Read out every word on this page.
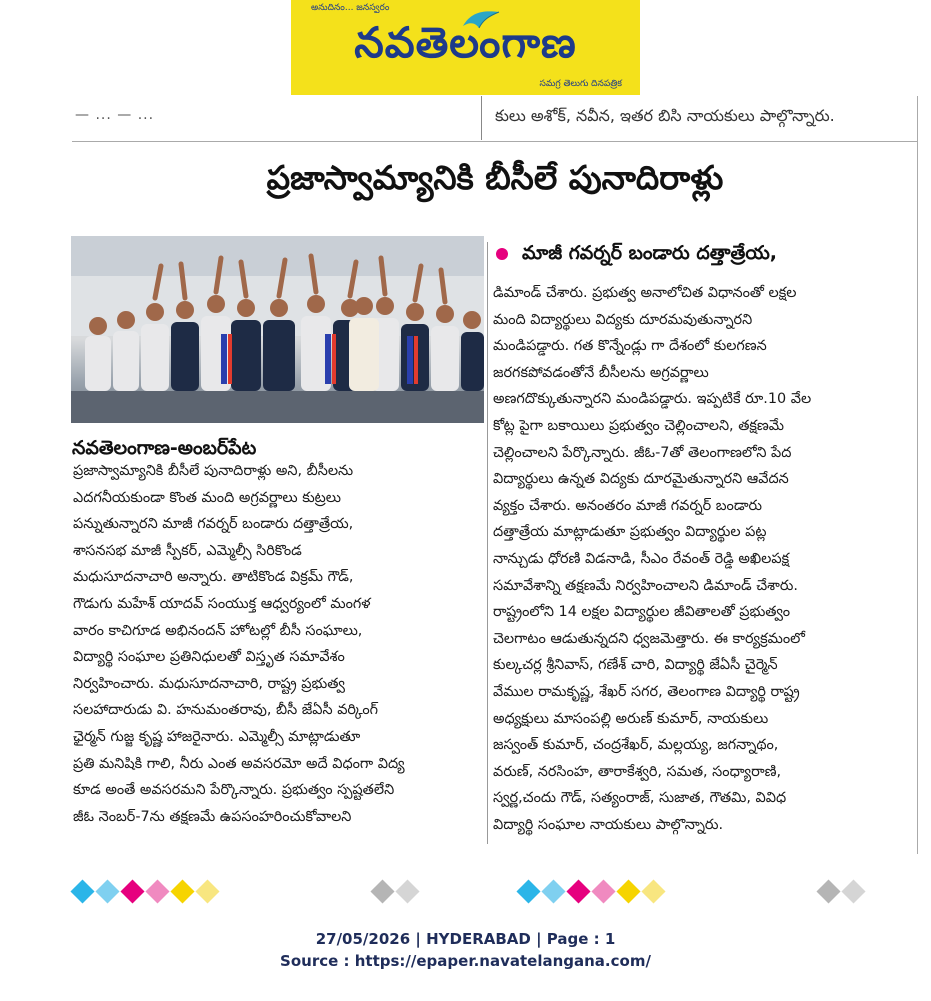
అనుదినం... జనస్వరం
నవతెలంగాణ
సమగ్ర తెలుగు దినపత్రిక
— ... — ...	కులు అశోక్, నవీన, ఇతర బిసి నాయకులు పాల్గొన్నారు.
ప్రజాస్వామ్యానికి బీసీలే పునాదిరాళ్లు
మాజీ గవర్నర్ బండారు దత్తాత్రేయ,
నవతెలంగాణ-అంబర్‌పేట
ప్రజాస్వామ్యానికి బీసీలే పునాదిరాళ్లు అని, బీసీలను
ఎదగనీయకుండా కొంత మంది అగ్రవర్ణాలు కుట్రలు
పన్నుతున్నారని మాజీ గవర్నర్ బండారు దత్తాత్రేయ,
శాసనసభ మాజీ స్పీకర్, ఎమ్మెల్సీ సిరికొండ
మధుసూదనాచారి అన్నారు. తాటికొండ విక్రమ్ గౌడ్,
గౌడుగు మహేశ్ యాదవ్ సంయుక్త ఆధ్వర్యంలో మంగళ
వారం కాచిగూడ అభినందన్ హోటల్లో బీసీ సంఘాలు,
విద్యార్థి సంఘాల ప్రతినిధులతో విస్తృత సమావేశం
నిర్వహించారు. మధుసూదనాచారి, రాష్ట్ర ప్రభుత్వ
సలహాదారుడు వి. హనుమంతరావు, బీసీ జేఏసీ వర్కింగ్
ఛైర్మన్ గుజ్జ కృష్ణ హాజరైనారు. ఎమ్మెల్సీ మాట్లాడుతూ
ప్రతి మనిషికి గాలి, నీరు ఎంత అవసరమో అదే విధంగా విద్య
కూడ అంతే అవసరమని పేర్కొన్నారు. ప్రభుత్వం స్పష్టతలేని
జీఓ నెంబర్-7ను తక్షణమే ఉపసంహరించుకోవాలని
డిమాండ్ చేశారు. ప్రభుత్వ అనాలోచిత విధానంతో లక్షల
మంది విద్యార్థులు విద్యకు దూరమవుతున్నారని
మండిపడ్డారు. గత కొన్నేండ్లు గా దేశంలో కులగణన
జరగకపోవడంతోనే బీసీలను అగ్రవర్ణాలు
అణగదొక్కుతున్నారని మండిపడ్డారు. ఇప్పటికే రూ.10 వేల
కోట్ల పైగా బకాయిలు ప్రభుత్వం చెల్లించాలని, తక్షణమే
చెల్లించాలని పేర్కొన్నారు. జీఓ-7తో తెలంగాణలోని పేద
విద్యార్థులు ఉన్నత విద్యకు దూరమైతున్నారని ఆవేదన
వ్యక్తం చేశారు. అనంతరం మాజీ గవర్నర్ బండారు
దత్తాత్రేయ మాట్లాడుతూ ప్రభుత్వం విద్యార్థుల పట్ల
నాన్చుడు ధోరణి విడనాడి, సీఎం రేవంత్ రెడ్డి అఖిలపక్ష
సమావేశాన్ని తక్షణమే నిర్వహించాలని డిమాండ్ చేశారు.
రాష్ట్రంలోని 14 లక్షల విద్యార్థుల జీవితాలతో ప్రభుత్వం
చెలగాటం ఆడుతున్నదని ధ్వజమెత్తారు. ఈ కార్యక్రమంలో
కుల్కచర్ల శ్రీనివాస్, గణేశ్ చారి, విద్యార్థి జేఏసీ చైర్మెన్
వేముల రామకృష్ణ, శేఖర్ సగర, తెలంగాణ విద్యార్థి రాష్ట్ర
అధ్యక్షులు మాసంపల్లి అరుణ్ కుమార్, నాయకులు
జస్వంత్ కుమార్, చంద్రశేఖర్, మల్లయ్య, జగన్నాథం,
వరుణ్, నరసింహ, తారాకేశ్వరి, సమత, సంధ్యారాణి,
స్వర్ణ,చందు గౌడ్, సత్యంరాజ్, సుజాత, గౌతమి, వివిధ
విద్యార్థి సంఘాల నాయకులు పాల్గొన్నారు.
27/05/2026 | HYDERABAD | Page : 1
Source : https://epaper.navatelangana.com/
